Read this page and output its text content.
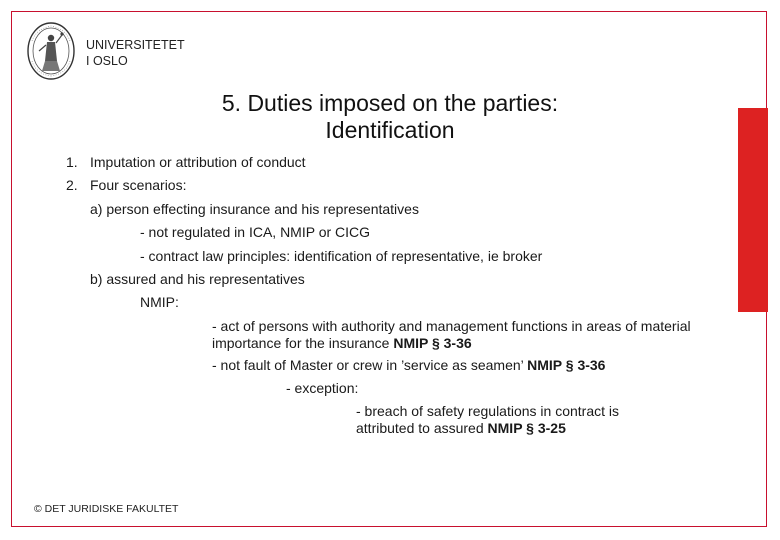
UNIVERSITETET
I OSLO
5. Duties imposed on the parties:
Identification
1. Imputation or attribution of conduct
2. Four scenarios:
a) person effecting insurance and his representatives
- not regulated in ICA, NMIP or CICG
- contract law principles: identification of representative, ie broker
b) assured and his representatives
NMIP:
- act of persons with authority and management functions in areas of material importance for the insurance NMIP § 3-36
- not fault of Master or crew in ’service as seamen’ NMIP § 3-36
- exception:
- breach of safety regulations in contract is attributed to assured NMIP § 3-25
© DET JURIDISKE FAKULTET
